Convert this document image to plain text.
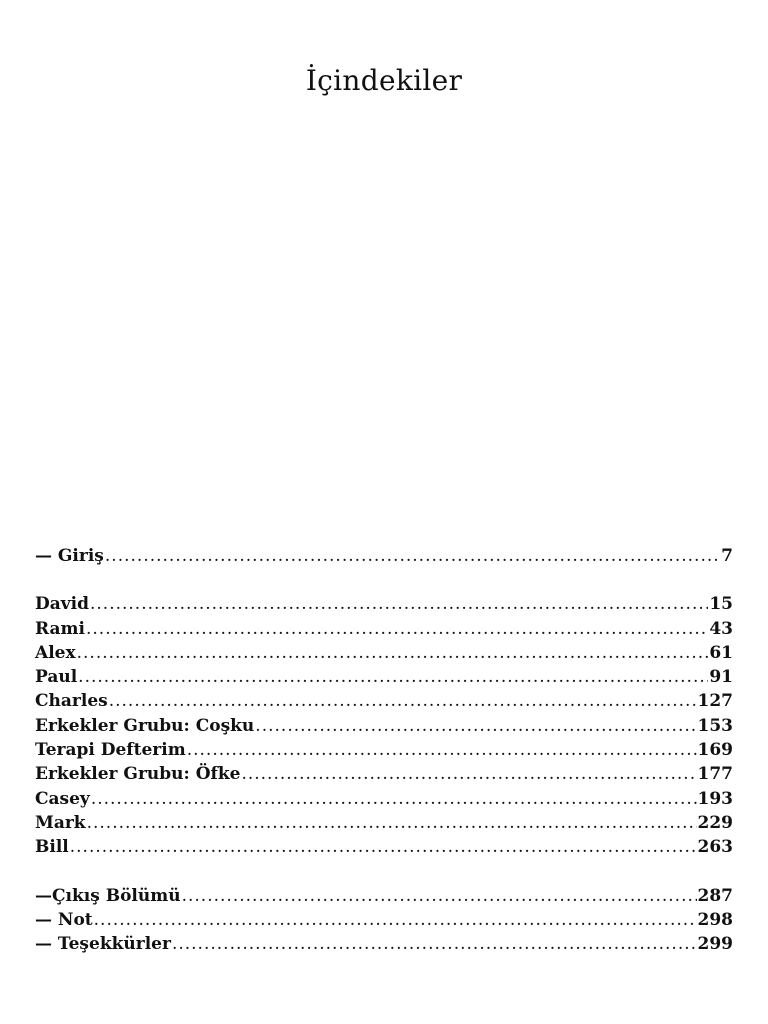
İçindekiler
— Giriş .....	7
David .....	15
Rami .....	43
Alex .....	61
Paul .....	91
Charles .....	127
Erkekler Grubu: Coşku .....	153
Terapi Defterim .....	169
Erkekler Grubu: Öfke .....	177
Casey .....	193
Mark .....	229
Bill .....	263
—Çıkış Bölümü .....	287
— Not .....	298
— Teşekkürler .....	299
